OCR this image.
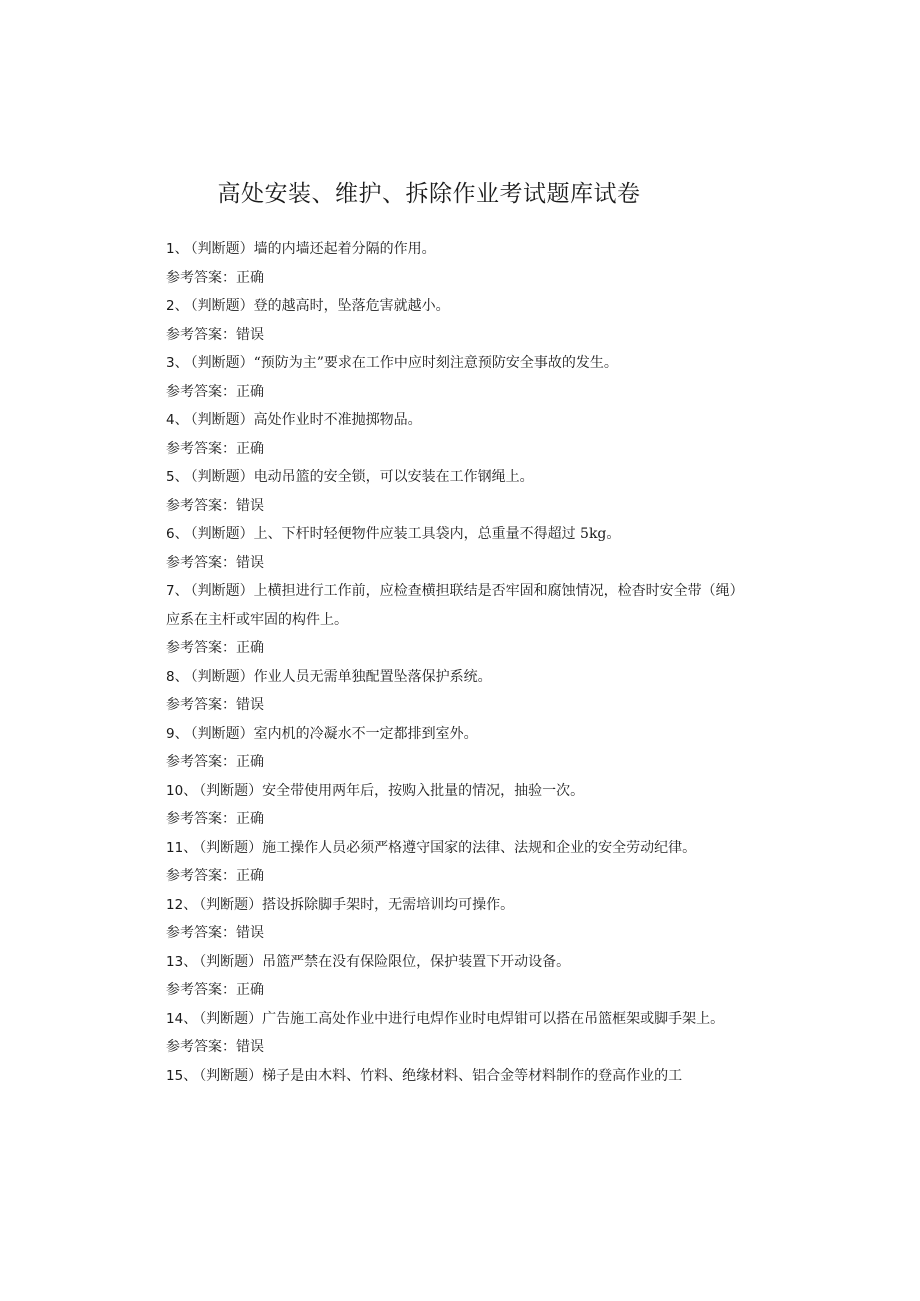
高处安装、维护、拆除作业考试题库试卷

1、 （判断题）墙的内墙还起着分隔的作用。

参考答案：正确

2、 （判断题）登的越高时，坠落危害就越小。

参考答案：错误

3、 （判断题）“预防为主”要求在工作中应时刻注意预防安全事故的发生。

参考答案：正确

4、 （判断题）高处作业时不准抛掷物品。

参考答案：正确

5、 （判断题）电动吊篮的安全锁，可以安装在工作钢绳上。

参考答案：错误

6、 （判断题）上、下杆时轻便物件应装工具袋内，总重量不得超过 5kg。

参考答案：错误

7、 （判断题）上横担进行工作前，应检查横担联结是否牢固和腐蚀情况，检杳时安全带（绳）应系在主杆或牢固的构件上。

参考答案：正确

8、 （判断题）作业人员无需单独配置坠落保护系统。

参考答案：错误

9、 （判断题）室内机的冷凝水不一定都排到室外。

参考答案：正确

10、 （判断题）安全带使用两年后，按购入批量的情况，抽验一次。

参考答案：正确

11、 （判断题）施工操作人员必须严格遵守国家的法律、法规和企业的安全劳动纪律。

参考答案：正确

12、 （判断题）搭设拆除脚手架时，无需培训均可操作。

参考答案：错误

13、 （判断题）吊篮严禁在没有保险限位，保护装置下开动设备。

参考答案：正确

14、 （判断题）广告施工高处作业中进行电焊作业时电焊钳可以搭在吊篮框架或脚手架上。

参考答案：错误

15、 （判断题）梯子是由木料、竹料、绝缘材料、铝合金等材料制作的登高作业的工
